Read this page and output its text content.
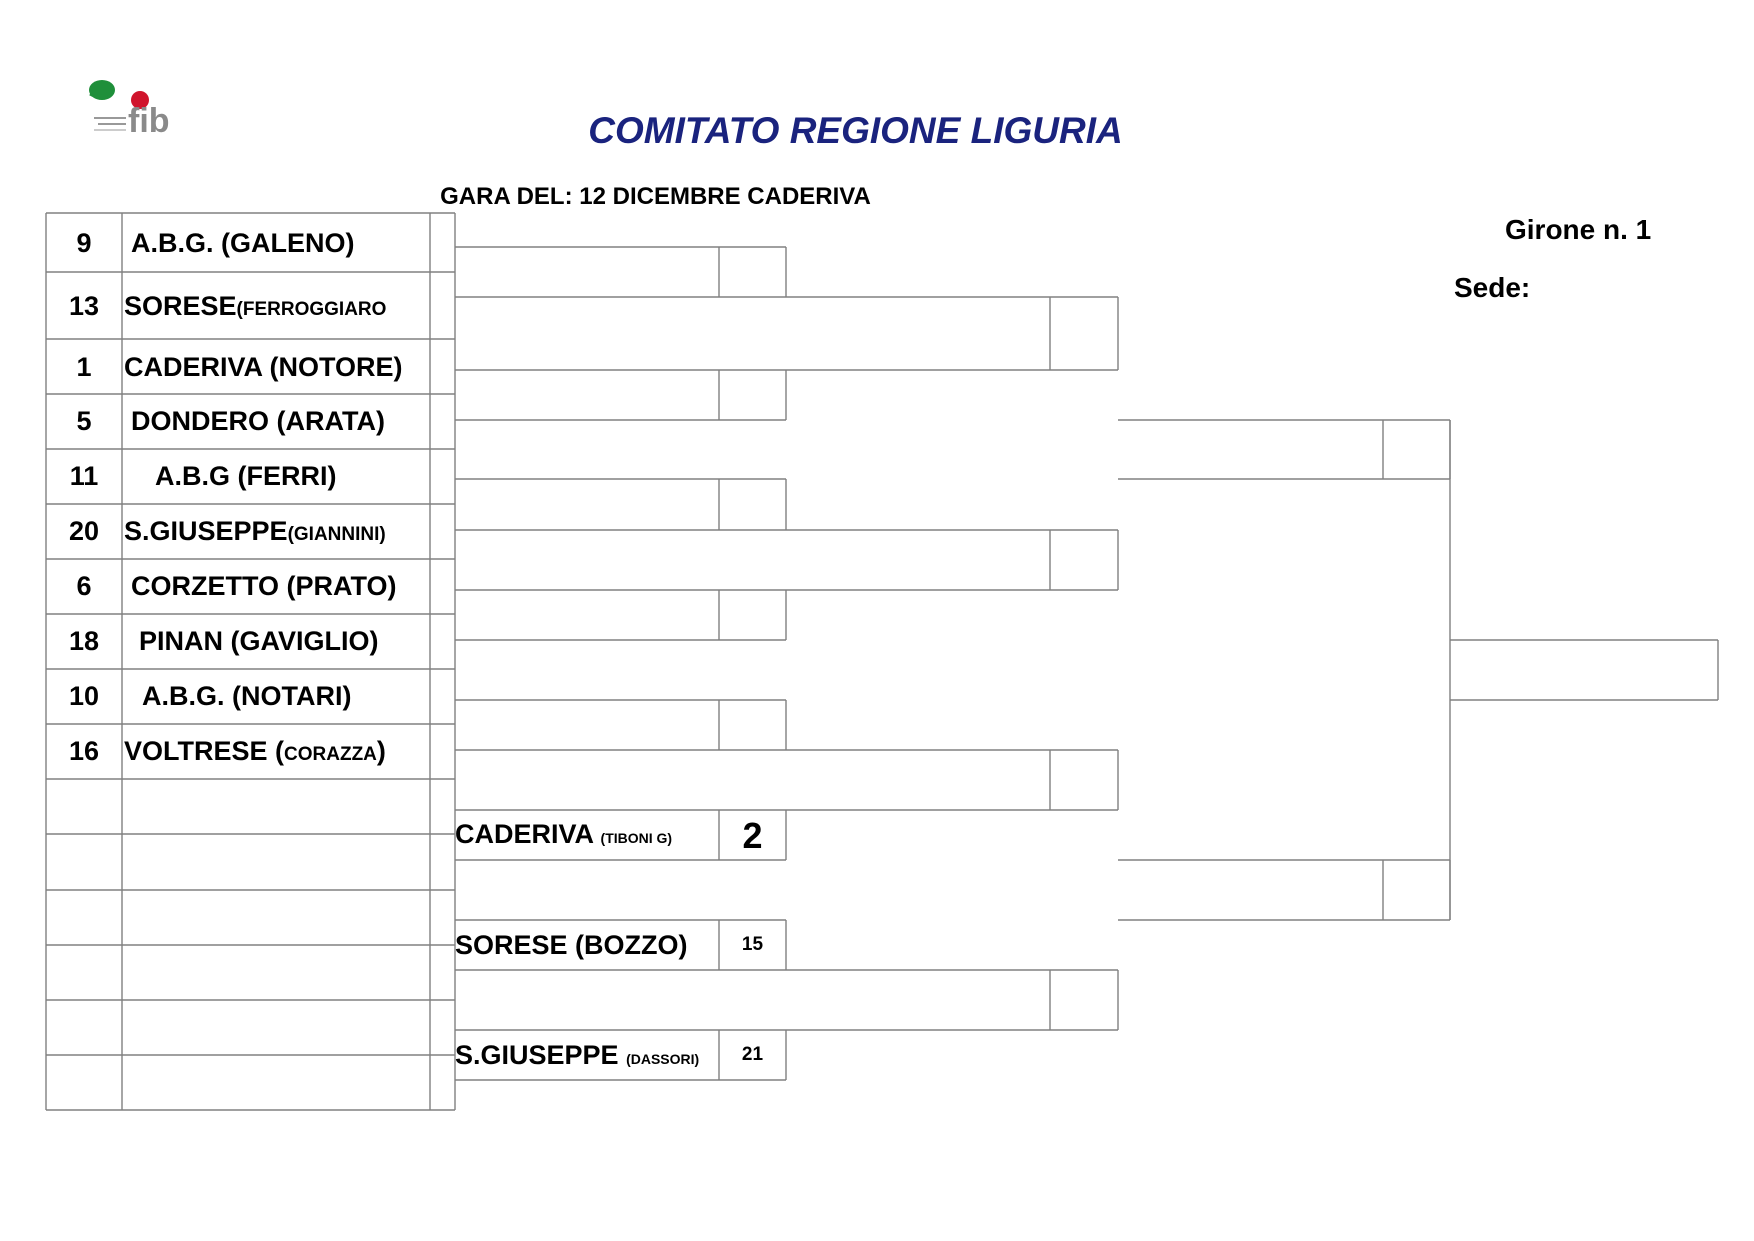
fib	COMITATO REGIONE LIGURIA
GARA DEL: 12 DICEMBRE CADERIVA
Girone n. 1
Sede:
9	A.B.G. (GALENO)
13 SORESE(FERROGGIARO
1	CADERIVA (NOTORE)
5	DONDERO (ARATA)
11	A.B.G (FERRI)
20 S.GIUSEPPE(GIANNINI)
6	CORZETTO (PRATO)
18	PINAN (GAVIGLIO)
10	A.B.G. (NOTARI)
16 VOLTRESE (CORAZZA)
CADERIVA (TIBONI G)	2
SORESE (BOZZO)	15
S.GIUSEPPE (DASSORI)	21
